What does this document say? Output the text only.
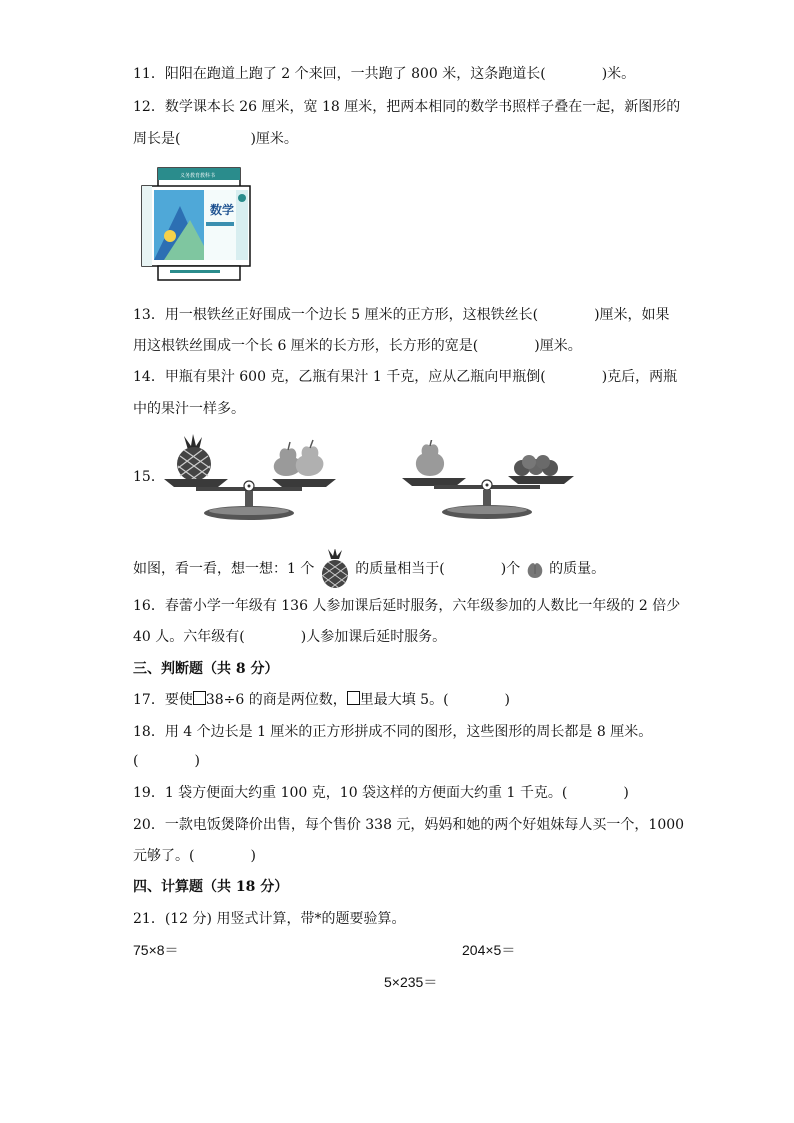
11．阳阳在跑道上跑了 2 个来回，一共跑了 800 米，这条跑道长(　　　　)米。
12．数学课本长 26 厘米，宽 18 厘米，把两本相同的数学书照样子叠在一起，新图形的
周长是(　　　　　)厘米。
义务教育教科书
数学
13．用一根铁丝正好围成一个边长 5 厘米的正方形，这根铁丝长(　　　　)厘米，如果
用这根铁丝围成一个长 6 厘米的长方形，长方形的宽是(　　　　)厘米。
14．甲瓶有果汁 600 克，乙瓶有果汁 1 千克，应从乙瓶向甲瓶倒(　　　　)克后，两瓶
中的果汁一样多。
15．
如图，看一看，想一想：1 个	的质量相当于(　　　　)个 的质量。
16．春蕾小学一年级有 136 人参加课后延时服务，六年级参加的人数比一年级的 2 倍少
40 人。六年级有(　　　　)人参加课后延时服务。
三、判断题（共 8 分）
17．要使 38÷6 的商是两位数， 里最大填 5。(　　　　)
18．用 4 个边长是 1 厘米的正方形拼成不同的图形，这些图形的周长都是 8 厘米。
(　　　　)
19．1 袋方便面大约重 100 克，10 袋这样的方便面大约重 1 千克。(　　　　)
20．一款电饭煲降价出售，每个售价 338 元，妈妈和她的两个好姐妹每人买一个，1000
元够了。(　　　　)
四、计算题（共 18 分）
21．(12 分) 用竖式计算，带*的题要验算。
75×8＝	204×5＝
5×235＝
